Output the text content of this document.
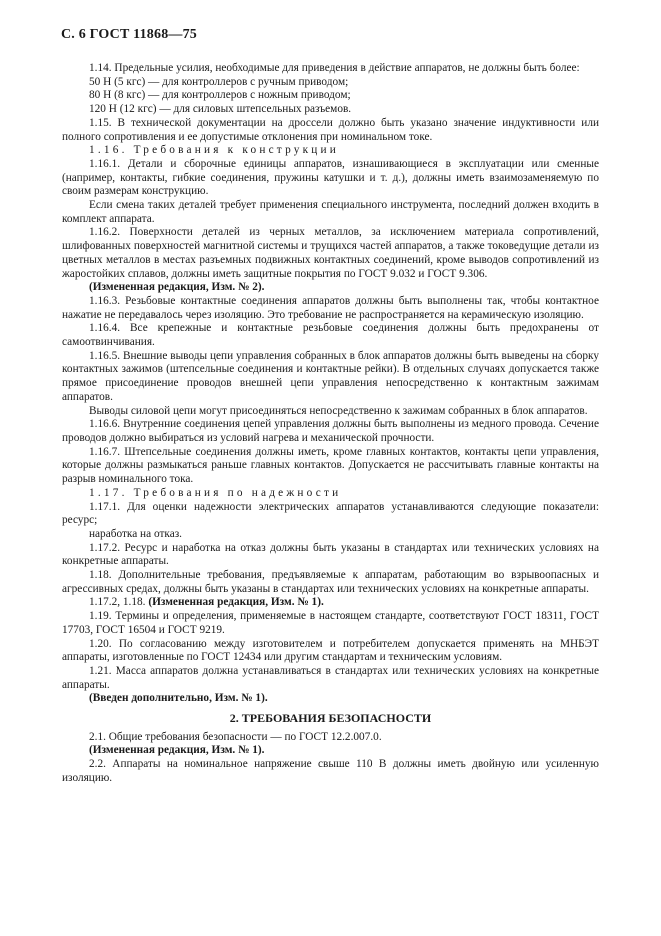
С. 6 ГОСТ 11868—75

1.14. Предельные усилия, необходимые для приведения в действие аппаратов, не должны быть более:

50 Н (5 кгс) — для контроллеров с ручным приводом;

80 Н (8 кгс) — для контроллеров с ножным приводом;

120 Н (12 кгс) — для силовых штепсельных разъемов.

1.15. В технической документации на дроссели должно быть указано значение индуктивности или полного сопротивления и ее допустимые отклонения при номинальном токе.

1.16. Требования к конструкции

1.16.1. Детали и сборочные единицы аппаратов, изнашивающиеся в эксплуатации или сменные (например, контакты, гибкие соединения, пружины катушки и т. д.), должны иметь взаимозаменяемую по своим размерам конструкцию.

Если смена таких деталей требует применения специального инструмента, последний должен входить в комплект аппарата.

1.16.2. Поверхности деталей из черных металлов, за исключением материала сопротивлений, шлифованных поверхностей магнитной системы и трущихся частей аппаратов, а также токоведущие детали из цветных металлов в местах разъемных подвижных контактных соединений, кроме выводов сопротивлений из жаростойких сплавов, должны иметь защитные покрытия по ГОСТ 9.032 и ГОСТ 9.306.

(Измененная редакция, Изм. № 2).

1.16.3. Резьбовые контактные соединения аппаратов должны быть выполнены так, чтобы контактное нажатие не передавалось через изоляцию. Это требование не распространяется на керамическую изоляцию.

1.16.4. Все крепежные и контактные резьбовые соединения должны быть предохранены от самоотвинчивания.

1.16.5. Внешние выводы цепи управления собранных в блок аппаратов должны быть выведены на сборку контактных зажимов (штепсельные соединения и контактные рейки). В отдельных случаях допускается также прямое присоединение проводов внешней цепи управления непосредственно к контактным зажимам аппаратов.

Выводы силовой цепи могут присоединяться непосредственно к зажимам собранных в блок аппаратов.

1.16.6. Внутренние соединения цепей управления должны быть выполнены из медного провода. Сечение проводов должно выбираться из условий нагрева и механической прочности.

1.16.7. Штепсельные соединения должны иметь, кроме главных контактов, контакты цепи управления, которые должны размыкаться раньше главных контактов. Допускается не рассчитывать главные контакты на разрыв номинального тока.

1.17. Требования по надежности

1.17.1. Для оценки надежности электрических аппаратов устанавливаются следующие показатели: ресурс;

наработка на отказ.

1.17.2. Ресурс и наработка на отказ должны быть указаны в стандартах или технических условиях на конкретные аппараты.

1.18. Дополнительные требования, предъявляемые к аппаратам, работающим во взрывоопасных и агрессивных средах, должны быть указаны в стандартах или технических условиях на конкретные аппараты.

1.17.2, 1.18. (Измененная редакция, Изм. № 1).

1.19. Термины и определения, применяемые в настоящем стандарте, соответствуют ГОСТ 18311, ГОСТ 17703, ГОСТ 16504 и ГОСТ 9219.

1.20. По согласованию между изготовителем и потребителем допускается применять на МНБЭТ аппараты, изготовленные по ГОСТ 12434 или другим стандартам и техническим условиям.

1.21. Масса аппаратов должна устанавливаться в стандартах или технических условиях на конкретные аппараты.

(Введен дополнительно, Изм. № 1).

2. ТРЕБОВАНИЯ БЕЗОПАСНОСТИ

2.1. Общие требования безопасности — по ГОСТ 12.2.007.0.

(Измененная редакция, Изм. № 1).

2.2. Аппараты на номинальное напряжение свыше 110 В должны иметь двойную или усиленную изоляцию.
